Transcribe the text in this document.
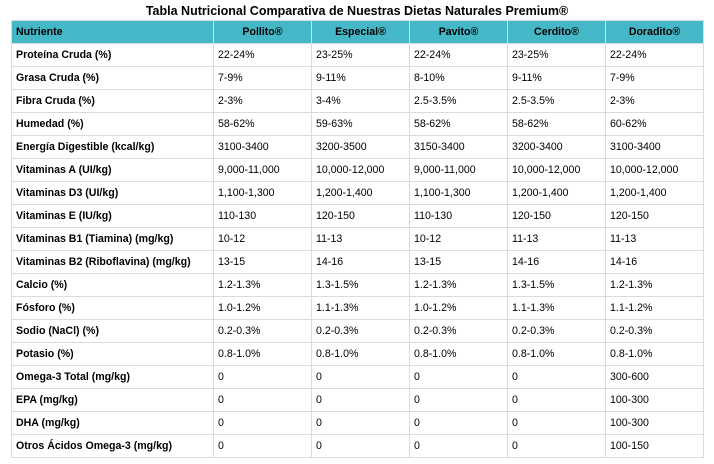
Tabla Nutricional Comparativa de Nuestras Dietas Naturales Premium®
Nutriente	Pollito®	Especial®	Pavito®	Cerdito®	Doradito®
Proteína Cruda (%)	22-24%	23-25%	22-24%	23-25%	22-24%
Grasa Cruda (%)	7-9%	9-11%	8-10%	9-11%	7-9%
Fibra Cruda (%)	2-3%	3-4%	2.5-3.5%	2.5-3.5%	2-3%
Humedad (%)	58-62%	59-63%	58-62%	58-62%	60-62%
Energía Digestible (kcal/kg)	3100-3400	3200-3500	3150-3400	3200-3400	3100-3400
Vitaminas A (UI/kg)	9,000-11,000	10,000-12,000	9,000-11,000	10,000-12,000	10,000-12,000
Vitaminas D3 (UI/kg)	1,100-1,300	1,200-1,400	1,100-1,300	1,200-1,400	1,200-1,400
Vitaminas E (IU/kg)	110-130	120-150	110-130	120-150	120-150
Vitaminas B1 (Tiamina) (mg/kg)	10-12	11-13	10-12	11-13	11-13
Vitaminas B2 (Riboflavina) (mg/kg)	13-15	14-16	13-15	14-16	14-16
Calcio (%)	1.2-1.3%	1.3-1.5%	1.2-1.3%	1.3-1.5%	1.2-1.3%
Fósforo (%)	1.0-1.2%	1.1-1.3%	1.0-1.2%	1.1-1.3%	1.1-1.2%
Sodio (NaCl) (%)	0.2-0.3%	0.2-0.3%	0.2-0.3%	0.2-0.3%	0.2-0.3%
Potasio (%)	0.8-1.0%	0.8-1.0%	0.8-1.0%	0.8-1.0%	0.8-1.0%
Omega-3 Total (mg/kg)	0	0	0	0	300-600
EPA (mg/kg)	0	0	0	0	100-300
DHA (mg/kg)	0	0	0	0	100-300
Otros Ácidos Omega-3 (mg/kg)	0	0	0	0	100-150
